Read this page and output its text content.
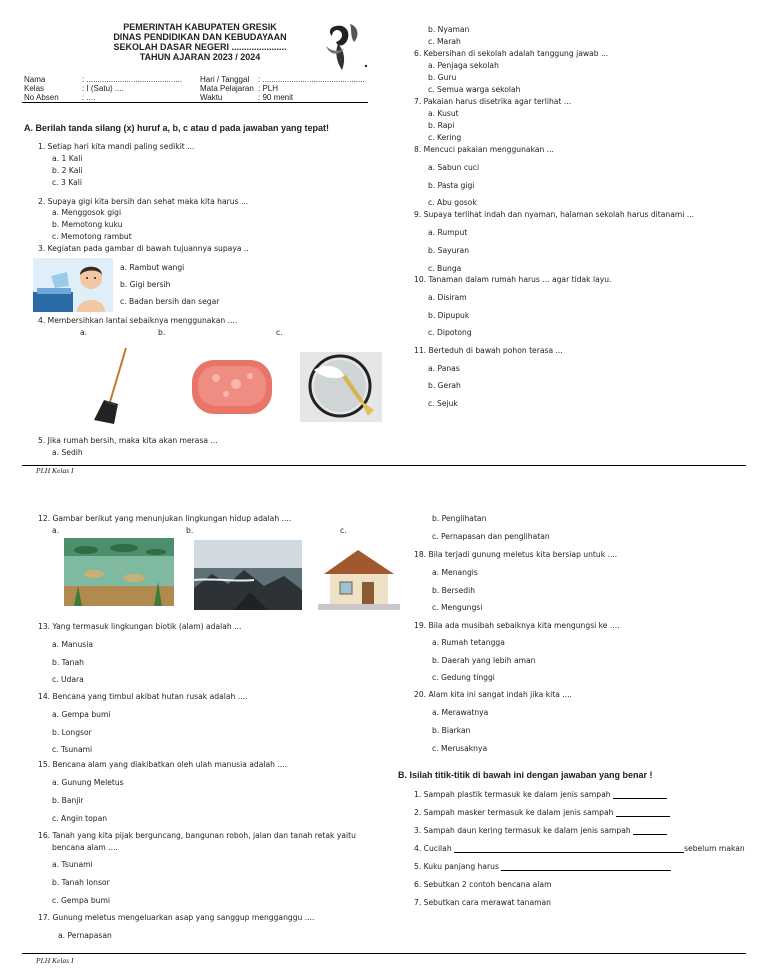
PEMERINTAH KABUPATEN GRESIK
DINAS PENDIDIKAN DAN KEBUDAYAAN
SEKOLAH DASAR NEGERI ......................
TAHUN AJARAN 2023 / 2024
Nama	: ...........................................
Kelas	: I (Satu) ....
No Absen	: ....
Hari / Tanggal : ..............................................
Mata Pelajaran : PLH
Waktu	: 90 menit
A. Berilah tanda silang (x) huruf a, b, c atau d pada jawaban yang tepat!
1. Setiap hari kita mandi paling sedikit ...
a. 1 Kali
b. 2 Kali
c. 3 Kali
2. Supaya gigi kita bersih dan sehat maka kita harus ...
a. Menggosok gigi
b. Memotong kuku
c. Memotong rambut
3. Kegiatan pada gambar di bawah tujuannya supaya ..
a. Rambut wangi
b. Gigi bersih
c. Badan bersih dan segar
4. Membersihkan lantai sebaiknya menggunakan ....
a.	b.	c.
5. Jika rumah bersih, maka kita akan merasa ...
a. Sedih
b. Nyaman
c. Marah
6. Kebersihan di sekolah adalah tanggung jawab ...
a. Penjaga sekolah
b. Guru
c. Semua warga sekolah
7. Pakaian harus disetrika agar terlihat ...
a. Kusut
b. Rapi
c. Kering
8. Mencuci pakaian menggunakan ...
a. Sabun cuci
b. Pasta gigi
c. Abu gosok
9. Supaya terlihat indah dan nyaman, halaman sekolah harus ditanami ...
a. Rumput
b. Sayuran
c. Bunga
10. Tanaman dalam rumah harus ... agar tidak layu.
a. Disiram
b. Dipupuk
c. Dipotong
11. Berteduh di bawah pohon terasa ...
a. Panas
b. Gerah
c. Sejuk
PLH Kelas I
12. Gambar berikut yang menunjukan lingkungan hidup adalah ....
a.	b.	c.
13. Yang termasuk lingkungan biotik (alam) adalah ...
a. Manusia
b. Tanah
c. Udara
14. Bencana yang timbul akibat hutan rusak adalah ....
a. Gempa bumi
b. Longsor
c. Tsunami
15. Bencana alam yang diakibatkan oleh ulah manusia adalah ....
a. Gunung Meletus
b. Banjir
c. Angin topan
16. Tanah yang kita pijak berguncang, bangunan roboh, jalan dan tanah retak yaitu
bencana alam ....
a. Tsunami
b. Tanah lonsor
c. Gempa bumi
17. Gunung meletus mengeluarkan asap yang sanggup mengganggu ....
a. Pernapasan
b. Penglihatan
c. Pernapasan dan penglihatan
18. Bila terjadi gunung meletus kita bersiap untuk ....
a. Menangis
b. Bersedih
c. Mengungsi
19. Bila ada musibah sebaiknya kita mengungsi ke ....
a. Rumah tetangga
b. Daerah yang lebih aman
c. Gedung tinggi
20. Alam kita ini sangat indah jika kita ....
a. Merawatnya
b. Biarkan
c. Merusaknya
B. Isilah titik-titik di bawah ini dengan jawaban yang benar !
1. Sampah plastik termasuk ke dalam jenis sampah
2. Sampah masker termasuk ke dalam jenis sampah
3. Sampah daun kering termasuk ke dalam jenis sampah
4. Cucilah	sebelum makan
5. Kuku panjang harus
6. Sebutkan 2 contoh bencana alam
7. Sebutkan cara merawat tanaman
PLH Kelas I
